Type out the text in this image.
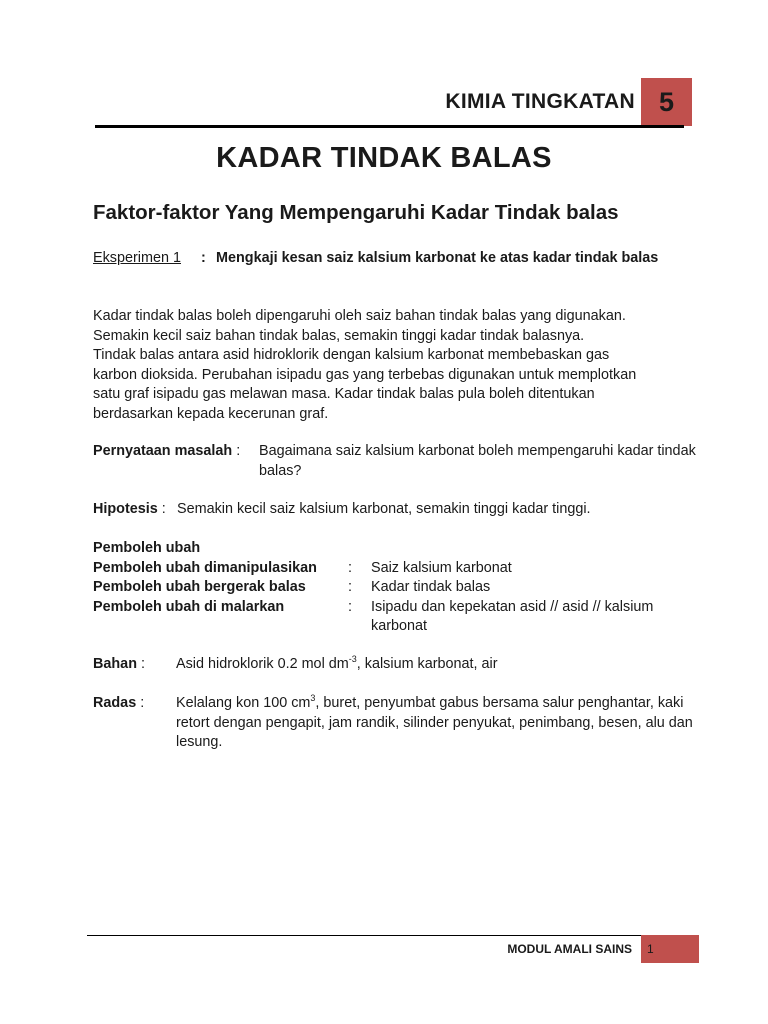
KIMIA TINGKATAN 5
KADAR TINDAK BALAS
Faktor-faktor Yang Mempengaruhi Kadar Tindak balas
Eksperimen 1 : Mengkaji kesan saiz kalsium karbonat ke atas kadar tindak balas
Kadar tindak balas boleh dipengaruhi oleh saiz bahan tindak balas yang digunakan.
Semakin kecil saiz bahan tindak balas, semakin tinggi kadar tindak balasnya.
Tindak balas antara asid hidroklorik dengan kalsium karbonat membebaskan gas
karbon dioksida. Perubahan isipadu gas yang terbebas digunakan untuk memplotkan
satu graf isipadu gas melawan masa. Kadar tindak balas pula boleh ditentukan
berdasarkan kepada kecerunan graf.
Pernyataan masalah : Bagaimana saiz kalsium karbonat boleh mempengaruhi kadar tindak balas?
Hipotesis : Semakin kecil saiz kalsium karbonat, semakin tinggi kadar tinggi.
Pemboleh ubah
Pemboleh ubah dimanipulasikan : Saiz kalsium karbonat
Pemboleh ubah bergerak balas	: Kadar tindak balas
Pemboleh ubah di malarkan	: Isipadu dan kepekatan asid // asid // kalsium karbonat
Bahan : Asid hidroklorik 0.2 mol $dm^{-3}$, kalsium karbonat, air
Radas : Kelalang kon 100 $cm^3$, buret, penyumbat gabus bersama salur penghantar, kaki retort dengan pengapit, jam randik, silinder penyukat, penimbang, besen, alu dan lesung.
MODUL AMALI SAINS	1
